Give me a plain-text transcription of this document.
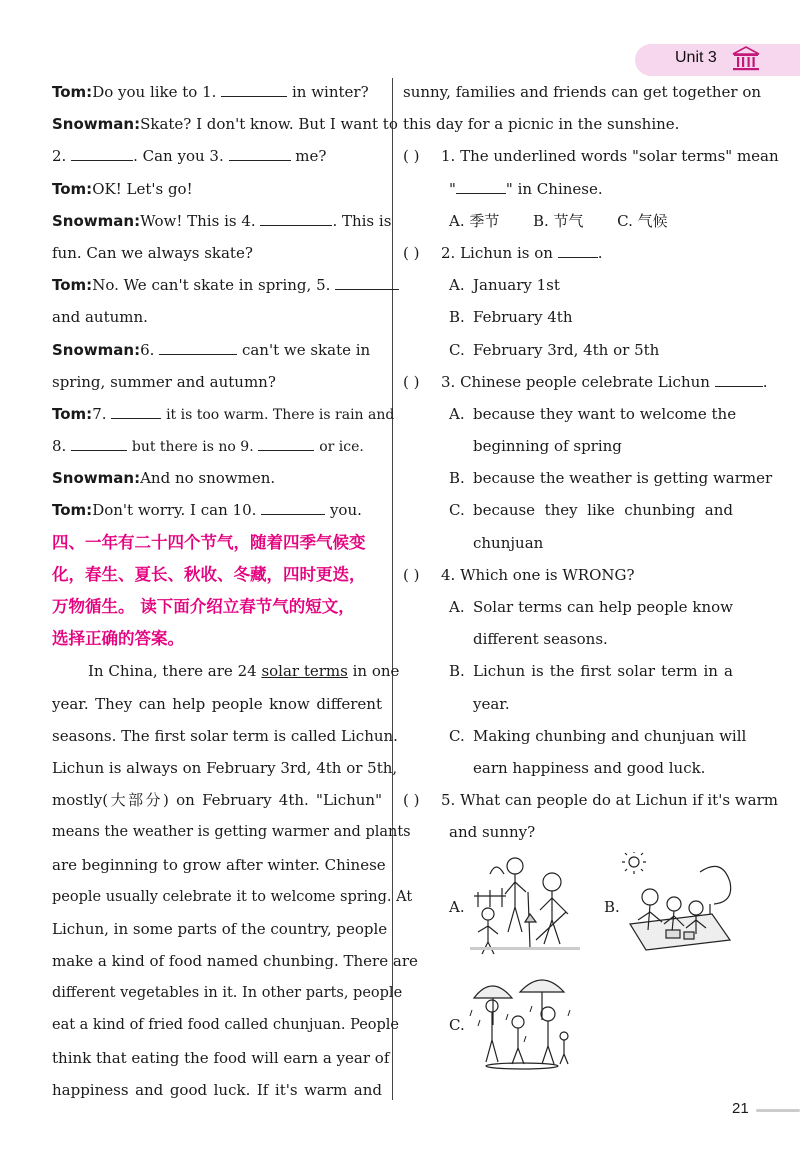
Unit 3
Tom:Do you like to 1.	in winter?
Snowman:Skate? I don't know. But I want to
2.	. Can you 3.	me?
Tom:OK! Let's go!
Snowman:Wow! This is 4.	. This is
fun. Can we always skate?
Tom:No. We can't skate in spring, 5.
and autumn.
Snowman:6.	can't we skate in
spring, summer and autumn?
Tom:7.	it is too warm. There is rain and
8.	but there is no 9.	or ice.
Snowman:And no snowmen.
Tom:Don't worry. I can 10.	you.
四、一年有二十四个节气，随着四季气候变
化，春生、夏长、秋收、冬藏，四时更迭，
万物循生。 读下面介绍立春节气的短文，
选择正确的答案。
In China, there are 24 solar terms in one
year. They can help people know different
seasons. The first solar term is called Lichun.
Lichun is always on February 3rd, 4th or 5th,
mostly(大部分) on February 4th. "Lichun"
means the weather is getting warmer and plants
are beginning to grow after winter. Chinese
people usually celebrate it to welcome spring. At
Lichun, in some parts of the country, people
make a kind of food named chunbing. There are
different vegetables in it. In other parts, people
eat a kind of fried food called chunjuan. People
think that eating the food will earn a year of
happiness and good luck. If it's warm and
sunny, families and friends can get together on
this day for a picnic in the sunshine.
( ) 1. The underlined words "solar terms" mean
"	" in Chinese.
A. 季节 B. 节气 C. 气候
( ) 2. Lichun is on	.
A. January 1st
B. February 4th
C. February 3rd, 4th or 5th
( ) 3. Chinese people celebrate Lichun	.
A. because they want to welcome the
beginning of spring
B. because the weather is getting warmer
C. because they like chunbing and
chunjuan
( ) 4. Which one is WRONG?
A. Solar terms can help people know
different seasons.
B. Lichun is the first solar term in a
year.
C. Making chunbing and chunjuan will
earn happiness and good luck.
( ) 5. What can people do at Lichun if it's warm
and sunny?
A.	B.
C.
21
